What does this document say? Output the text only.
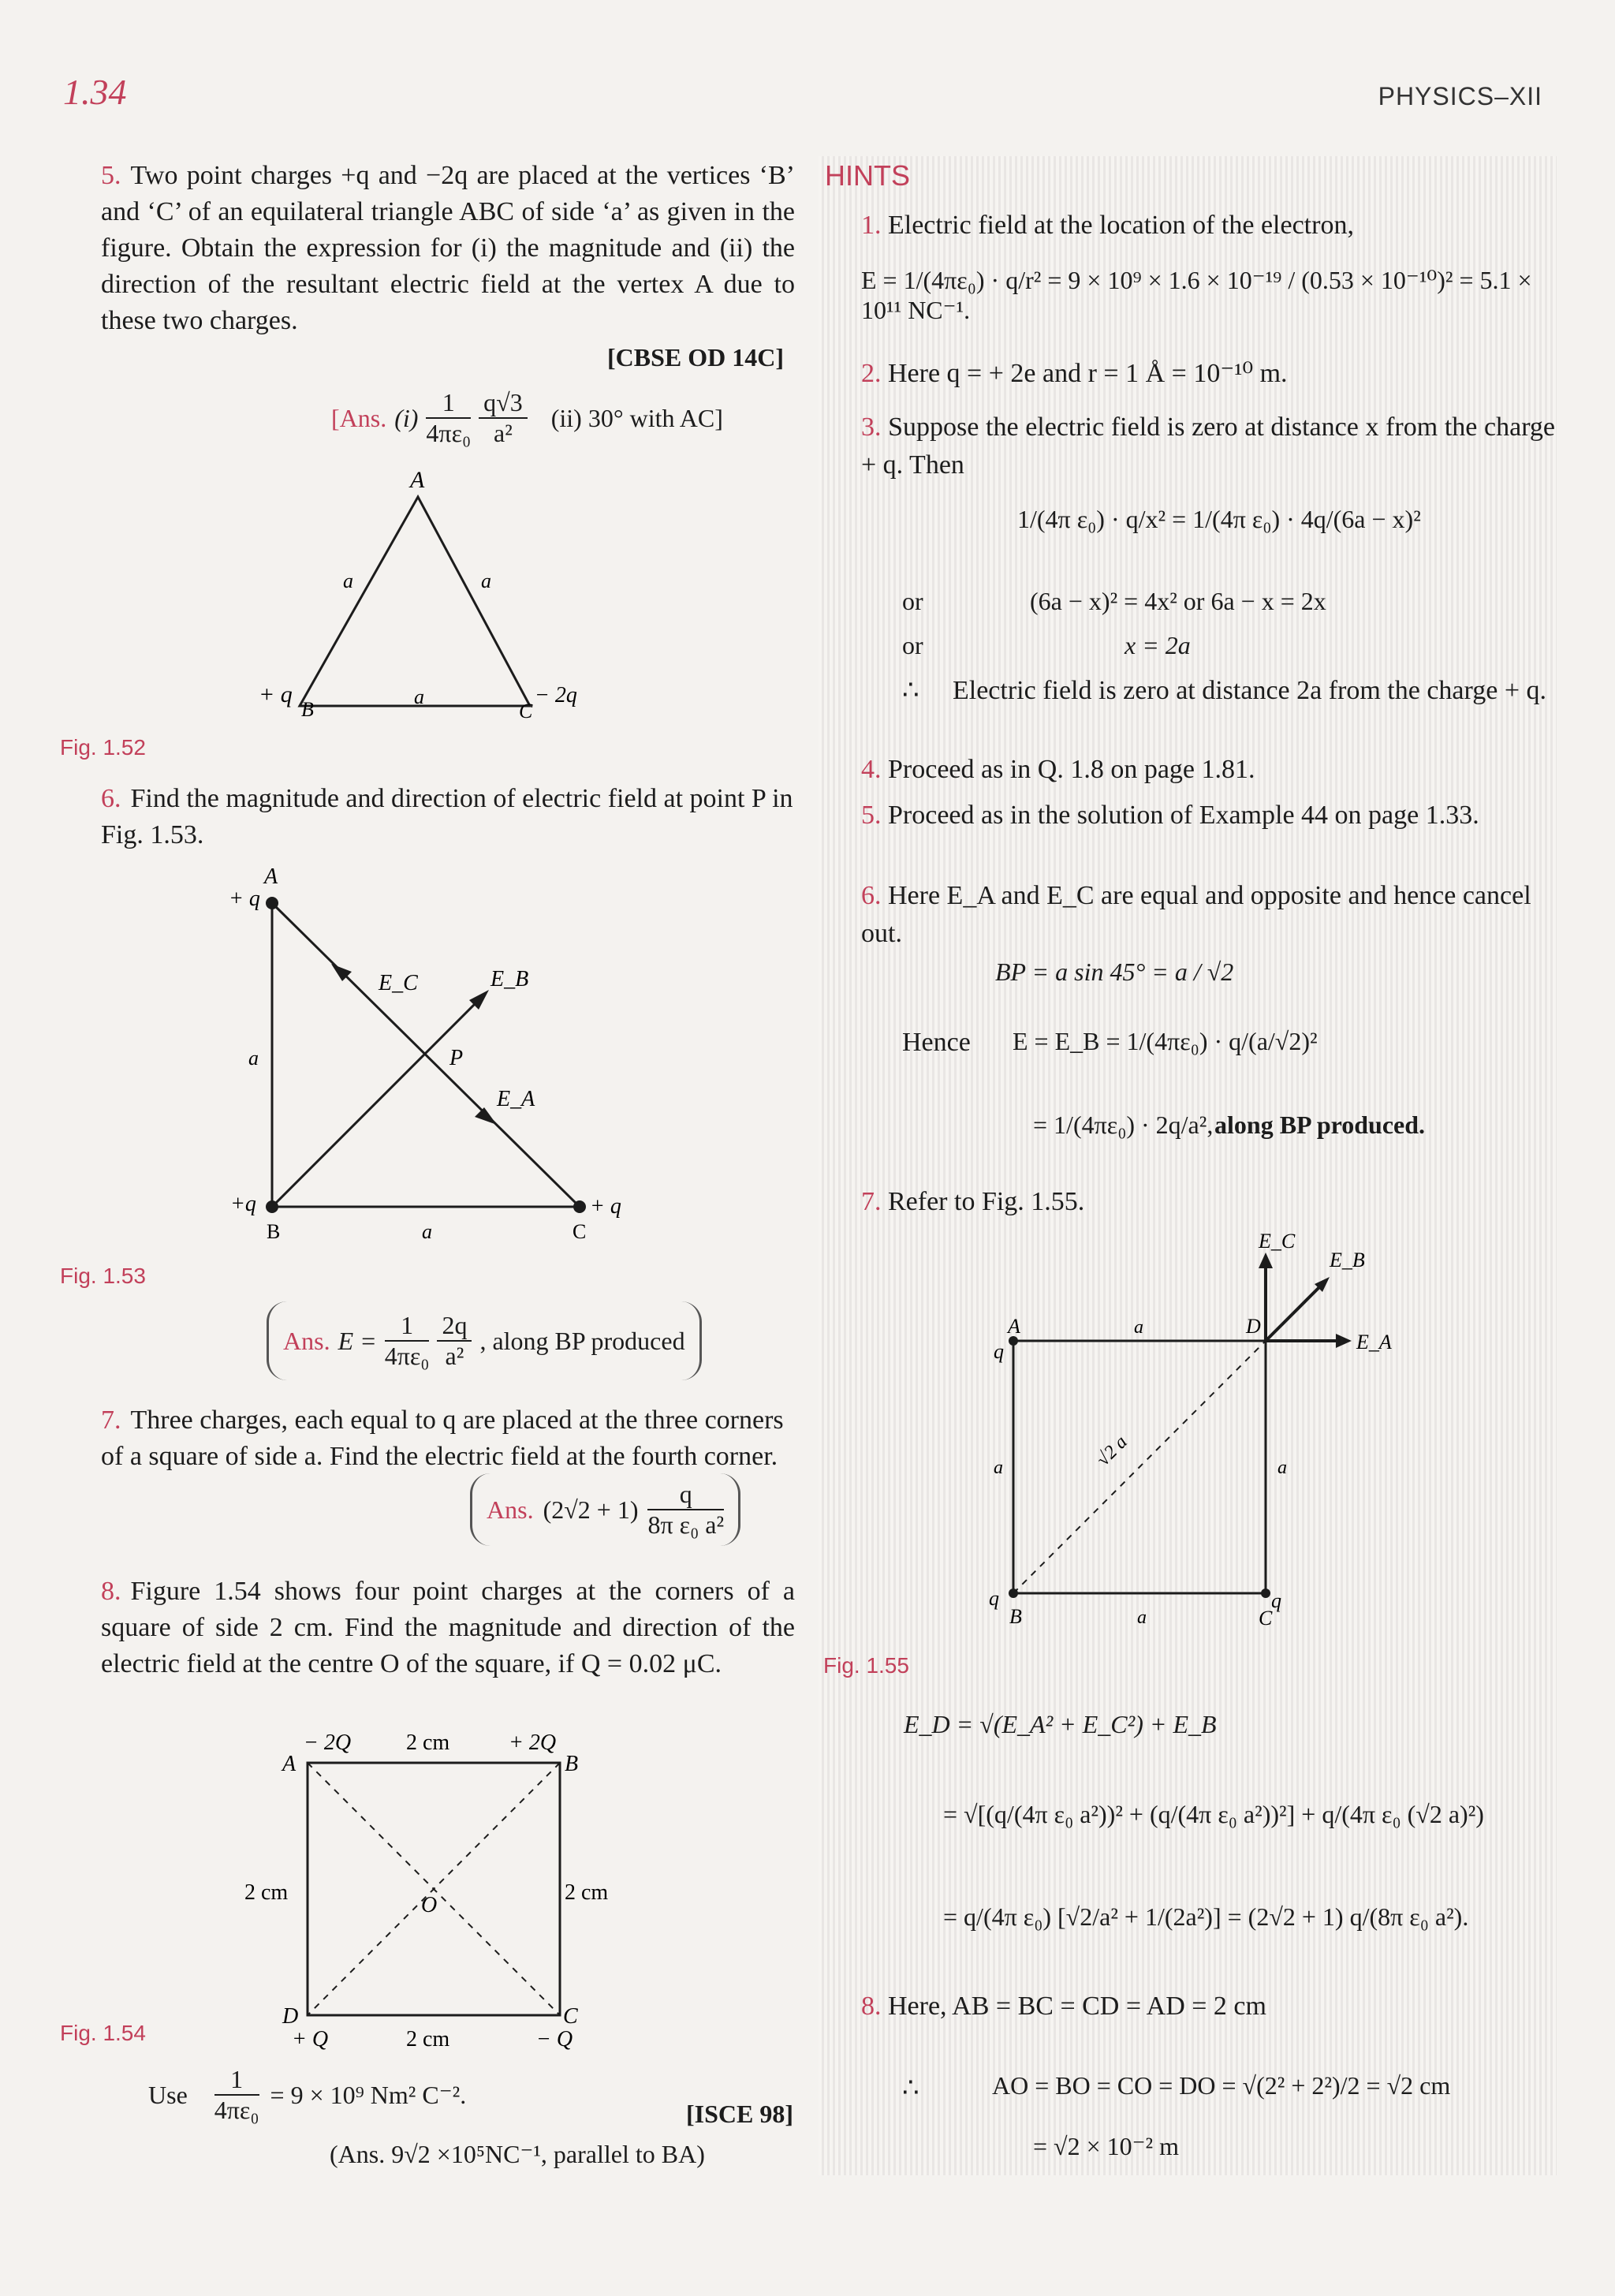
1.34	PHYSICS–XII
5. Two point charges +q and −2q are placed at the vertices ‘B’ and ‘C’ of an equilateral triangle ABC of side ‘a’ as given in the figure. Obtain the expression for (i) the magnitude and (ii) the direction of the resultant electric field at the vertex A due to these two charges.
[CBSE OD 14C]
[Ans. $(i) \frac{1}{\text{4πε₀}} \frac{q√3}{\text{a²}} (ii)$ 30° with AC]
A
a	a
a
+ q
B	C
− 2q
Fig. 1.52
6. Find the magnitude and direction of electric field at point P in Fig. 1.53.
A
+ q
E_C	E_B
P
E_A
a
+q
B	a	C
+ q
Fig. 1.53
Ans. $E = \frac{1}{\text{4πε₀}} \frac{2q}{\text{a²}}$ , along BP produced
7. Three charges, each equal to q are placed at the three corners of a square of side a. Find the electric field at the fourth corner.
Ans. $(2√2 + 1) \frac{q}{\text{8π ε₀ a²}}$
8. Figure 1.54 shows four point charges at the corners of a square of side 2 cm. Find the magnitude and direction of the electric field at the centre O of the square, if Q = 0.02 μC.
− 2Q 2 cm	+ 2Q
A	B
2 cm	2 cm
O
D
+ Q	2 cm
C
− Q
Fig. 1.54
Use $\frac{1}{\text{4πε₀}} = 9 \times 10^9$ Nm² C⁻².
[ISCE 98]
(Ans. 9√2 ×10⁵NC⁻¹, parallel to BA)
HINTS
1. Electric field at the location of the electron,
E = 1/(4πε₀) · q/r² = 9 × 10⁹ × 1.6 × 10⁻¹⁹ / (0.53 × 10⁻¹⁰)² = 5.1 × 10¹¹ NC⁻¹.
2. Here q = + 2e and r = 1 Å = 10⁻¹⁰ m.
3. Suppose the electric field is zero at distance x from the charge + q. Then
1/(4π ε₀) · q/x² = 1/(4π ε₀) · 4q/(6a − x)²
or	(6a − x)² = 4x² or 6a − x = 2x
or	x = 2a
∴ Electric field is zero at distance 2a from the charge + q.
4. Proceed as in Q. 1.8 on page 1.81.
5. Proceed as in the solution of Example 44 on page 1.33.
6. Here E_A and E_C are equal and opposite and hence cancel out.
BP = a sin 45° = a / √2
Hence E = E_B = 1/(4πε₀) · q/(a/√2)²
= 1/(4πε₀) · 2q/a², along BP produced.
7. Refer to Fig. 1.55.
A
q
a	D
E_C
E_B
E_A
a	a
√2 a
q
B	a
q
C
Fig. 1.55
E_D = √(E_A² + E_C²) + E_B
= √[(q/(4π ε₀ a²))² + (q/(4π ε₀ a²))²] + q/(4π ε₀ (√2 a)²)
= q/(4π ε₀) [√2/a² + 1/(2a²)] = (2√2 + 1) q/(8π ε₀ a²).
8. Here, AB = BC = CD = AD = 2 cm
∴	AO = BO = CO = DO = √(2² + 2²)/2 = √2 cm
= √2 × 10⁻² m
